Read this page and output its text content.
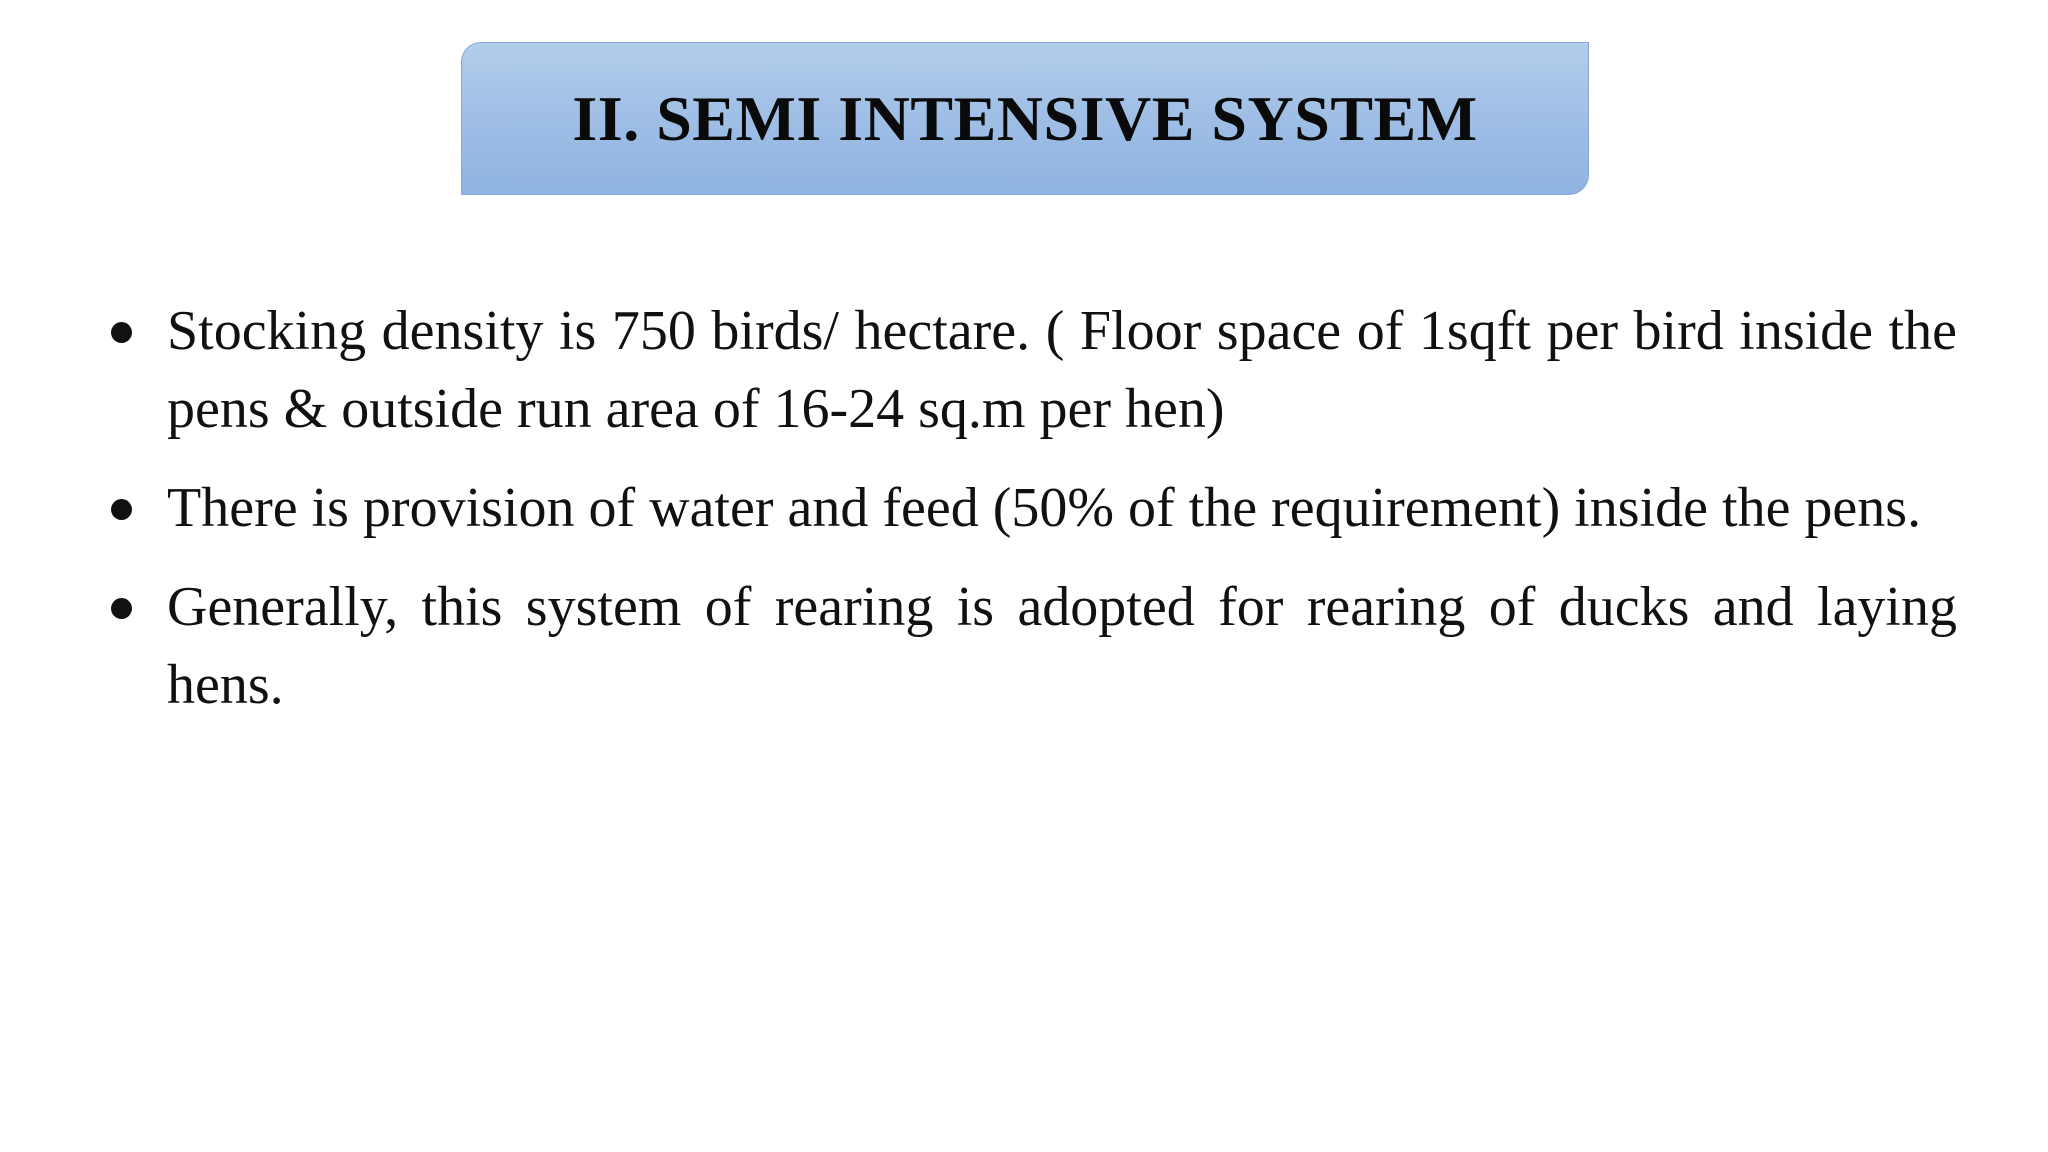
II. SEMI INTENSIVE SYSTEM
Stocking density is 750 birds/ hectare. ( Floor space of 1sqft per bird inside the pens & outside run area of 16-24 sq.m per hen)
There is provision of water and feed (50% of the requirement) inside the pens.
Generally, this system of rearing is adopted for rearing of ducks and laying hens.
